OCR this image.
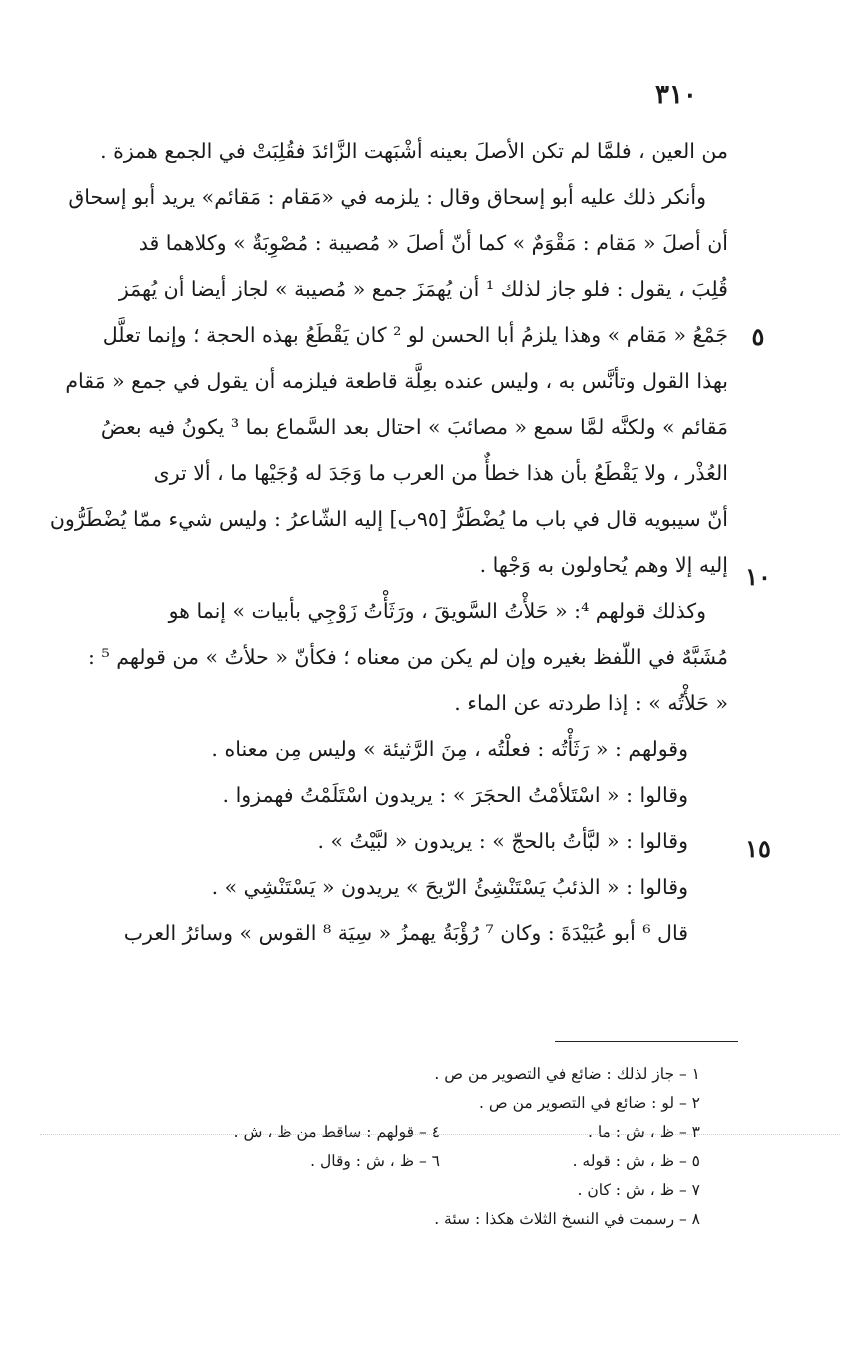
٣١٠
من العين ، فلمَّا لم تكن الأصلَ بعينه أشْبَهت الزَّائدَ فقُلِبَتْ في الجمع همزة .
وأنكر ذلك عليه أبو إسحاق وقال : يلزمه في «مَقام : مَقائم» يريد أبو إسحاق
أن أصلَ « مَقام : مَقْوَمٌ » كما أنّ أصلَ « مُصيبة : مُصْوِبَةٌ » وكلاهما قد
قُلِبَ ، يقول : فلو جاز لذلك ¹ أن يُهمَزَ جمع « مُصيبة » لجاز أيضا أن يُهمَز
جَمْعُ « مَقام » وهذا يلزمُ أبا الحسن لو ² كان يَقْطَعُ بهذه الحجة ؛ وإنما تعلَّل
بهذا القول وتأنَّس به ، وليس عنده بعِلَّة قاطعة فيلزمه أن يقول في جمع « مَقام
مَقائم » ولكنَّه لمَّا سمع « مصائبَ » احتال بعد السَّماع بما ³ يكونُ فيه بعضُ
العُذْر ، ولا يَقْطَعُ بأن هذا خطأٌ من العرب ما وَجَدَ له وُجَيْها ما ، ألا ترى
أنّ سيبويه قال في باب ما يُضْطَرُّ [٩٥ب] إليه الشّاعرُ : وليس شيء ممّا يُضْطَرُّون
إليه إلا وهم يُحاولون به وَجْها .
وكذلك قولهم ⁴: « حَلأْتُ السَّويقَ ، ورَثَأْتُ زَوْجِي بأبيات » إنما هو
مُشَبَّهٌ في اللّفظ بغيره وإن لم يكن من معناه ؛ فكأنّ « حلأتُ » من قولهم ⁵ :
« حَلأْتُه » : إذا طردته عن الماء .
وقولهم : « رَثَأْتُه : فعلْتُه ، مِنَ الرَّثيئة » وليس مِن معناه .
وقالوا : « اسْتَلأمْتُ الحجَرَ » : يريدون اسْتَلَمْتُ فهمزوا .
وقالوا : « لبَّأتُ بالحجّ » : يريدون « لبَّيْتُ » .
وقالوا : « الذئبُ يَسْتَنْشِئُ الرّيحَ » يريدون « يَسْتَنْشِي » .
قال ⁶ أبو عُبَيْدَةَ : وكان ⁷ رُؤْبَةُ يهمزُ « سِيَة ⁸ القوس » وسائرُ العرب
٥
١٠
١٥
١ – جاز لذلك : ضائع في التصوير من ص .
٢ – لو : ضائع في التصوير من ص .
٣ – ظ ، ش : ما .
٤ – قولهم : ساقط من ظ ، ش .
٥ – ظ ، ش : قوله .
٦ – ظ ، ش : وقال .
٧ – ظ ، ش : كان .
٨ – رسمت في النسخ الثلاث هكذا : سئة .
